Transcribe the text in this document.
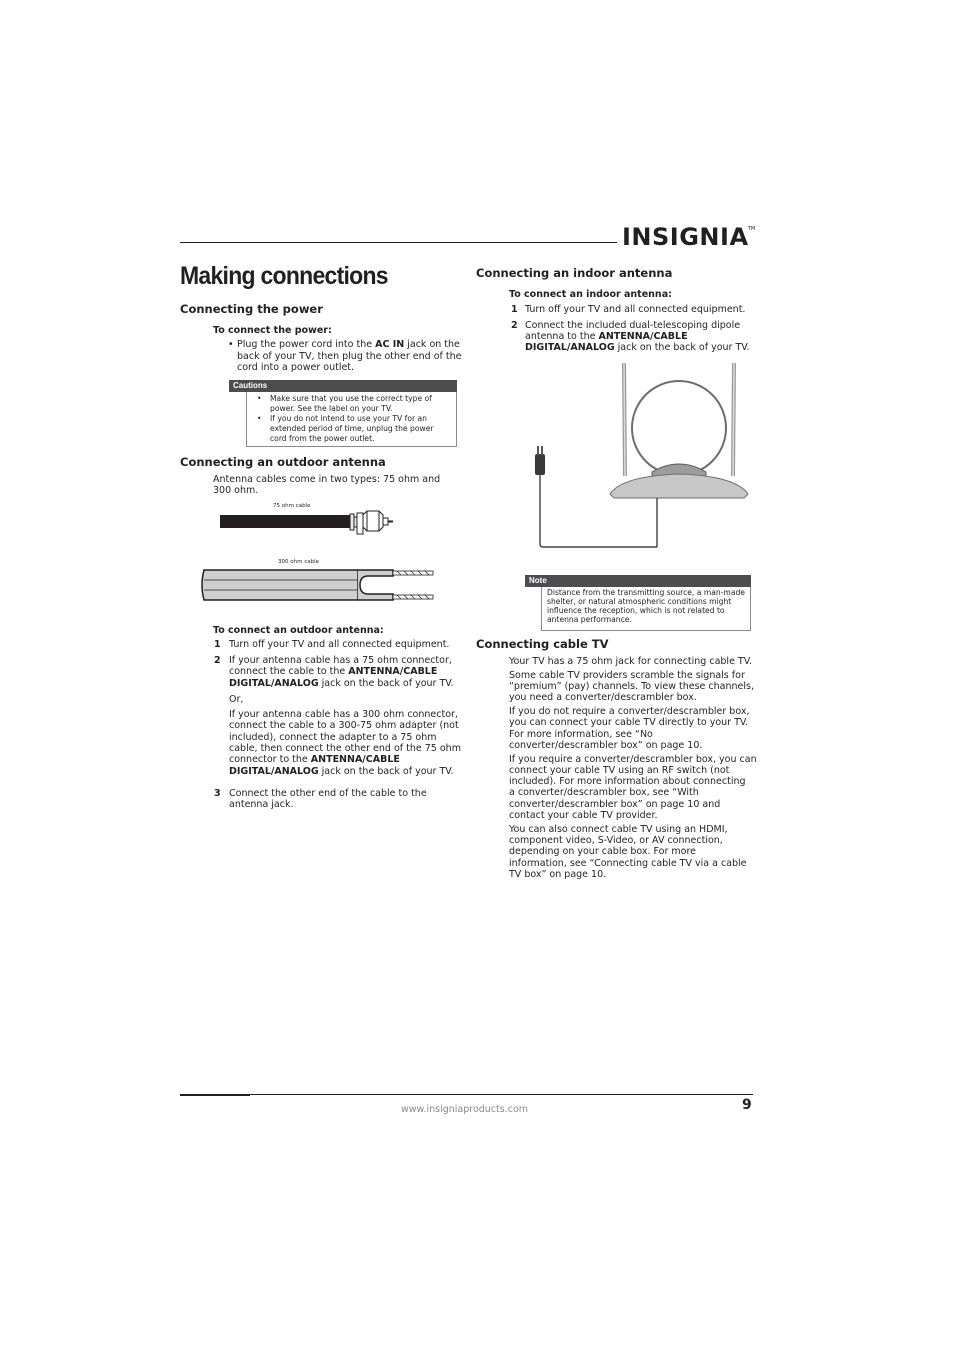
INSIGNIA TM
Making connections
Connecting the power
To connect the power:
• Plug the power cord into the AC IN jack on the
back of your TV, then plug the other end of the
cord into a power outlet.
Cautions
• Make sure that you use the correct type of
power. See the label on your TV.
• If you do not intend to use your TV for an
extended period of time, unplug the power
cord from the power outlet.
Connecting an outdoor antenna
Antenna cables come in two types: 75 ohm and
300 ohm.
75 ohm cable
300 ohm cable
To connect an outdoor antenna:
1 Turn off your TV and all connected equipment.
2 If your antenna cable has a 75 ohm connector,
connect the cable to the ANTENNA/CABLE
DIGITAL/ANALOG jack on the back of your TV.
Or,
If your antenna cable has a 300 ohm connector,
connect the cable to a 300-75 ohm adapter (not
included), connect the adapter to a 75 ohm
cable, then connect the other end of the 75 ohm
connector to the ANTENNA/CABLE
DIGITAL/ANALOG jack on the back of your TV.
3 Connect the other end of the cable to the
antenna jack.
Connecting an indoor antenna
To connect an indoor antenna:
1 Turn off your TV and all connected equipment.
2 Connect the included dual-telescoping dipole
antenna to the ANTENNA/CABLE
DIGITAL/ANALOG jack on the back of your TV.
Note
Distance from the transmitting source, a man-made
shelter, or natural atmospheric conditions might
influence the reception, which is not related to
antenna performance.
Connecting cable TV
Your TV has a 75 ohm jack for connecting cable TV.
Some cable TV providers scramble the signals for
“premium” (pay) channels. To view these channels,
you need a converter/descrambler box.
If you do not require a converter/descrambler box,
you can connect your cable TV directly to your TV.
For more information, see “No
converter/descrambler box” on page 10.
If you require a converter/descrambler box, you can
connect your cable TV using an RF switch (not
included). For more information about connecting
a converter/descrambler box, see “With
converter/descrambler box” on page 10 and
contact your cable TV provider.
You can also connect cable TV using an HDMI,
component video, S-Video, or AV connection,
depending on your cable box. For more
information, see “Connecting cable TV via a cable
TV box” on page 10.
www.insigniaproducts.com	9
